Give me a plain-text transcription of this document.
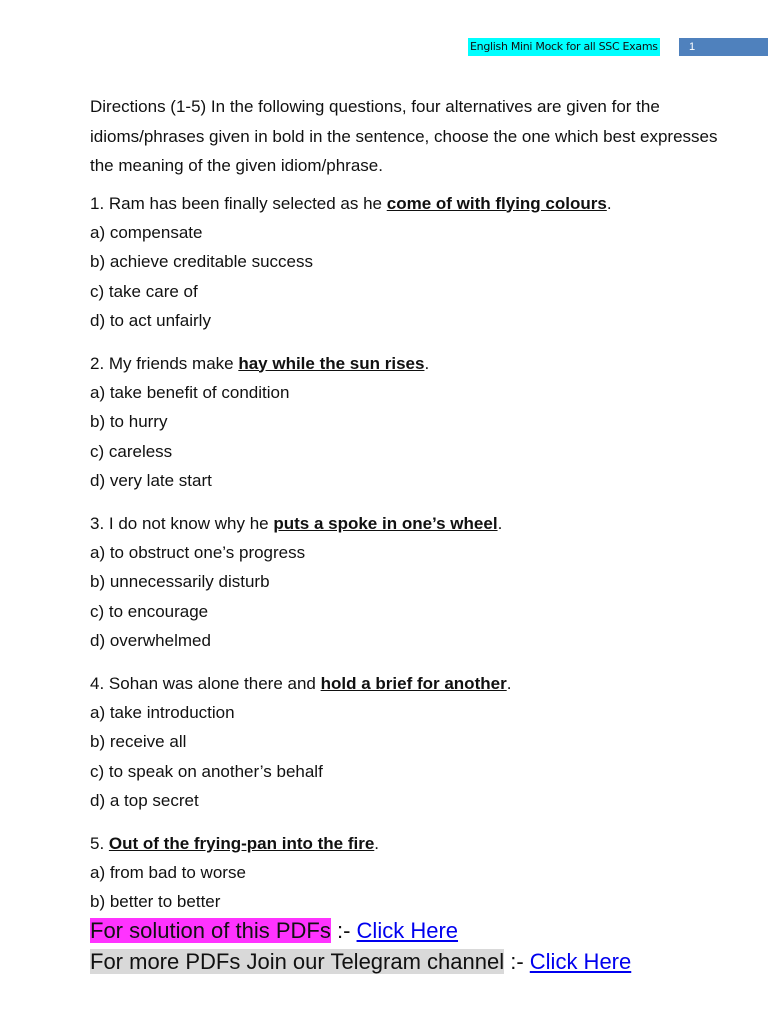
English Mini Mock for all SSC Exams	1

Directions (1-5) In the following questions, four alternatives are given for the idioms/phrases given in bold in the sentence, choose the one which best expresses the meaning of the given idiom/phrase.

1. Ram has been finally selected as he come of with flying colours.
a) compensate
b) achieve creditable success
c) take care of
d) to act unfairly
2. My friends make hay while the sun rises.
a) take benefit of condition
b) to hurry
c) careless
d) very late start
3. I do not know why he puts a spoke in one’s wheel.
a) to obstruct one’s progress
b) unnecessarily disturb
c) to encourage
d) overwhelmed
4. Sohan was alone there and hold a brief for another.
a) take introduction
b) receive all
c) to speak on another’s behalf
d) a top secret
5. Out of the frying-pan into the fire.
a) from bad to worse
b) better to better
For solution of this PDFs :- Click Here
For more PDFs Join our Telegram channel :- Click Here
